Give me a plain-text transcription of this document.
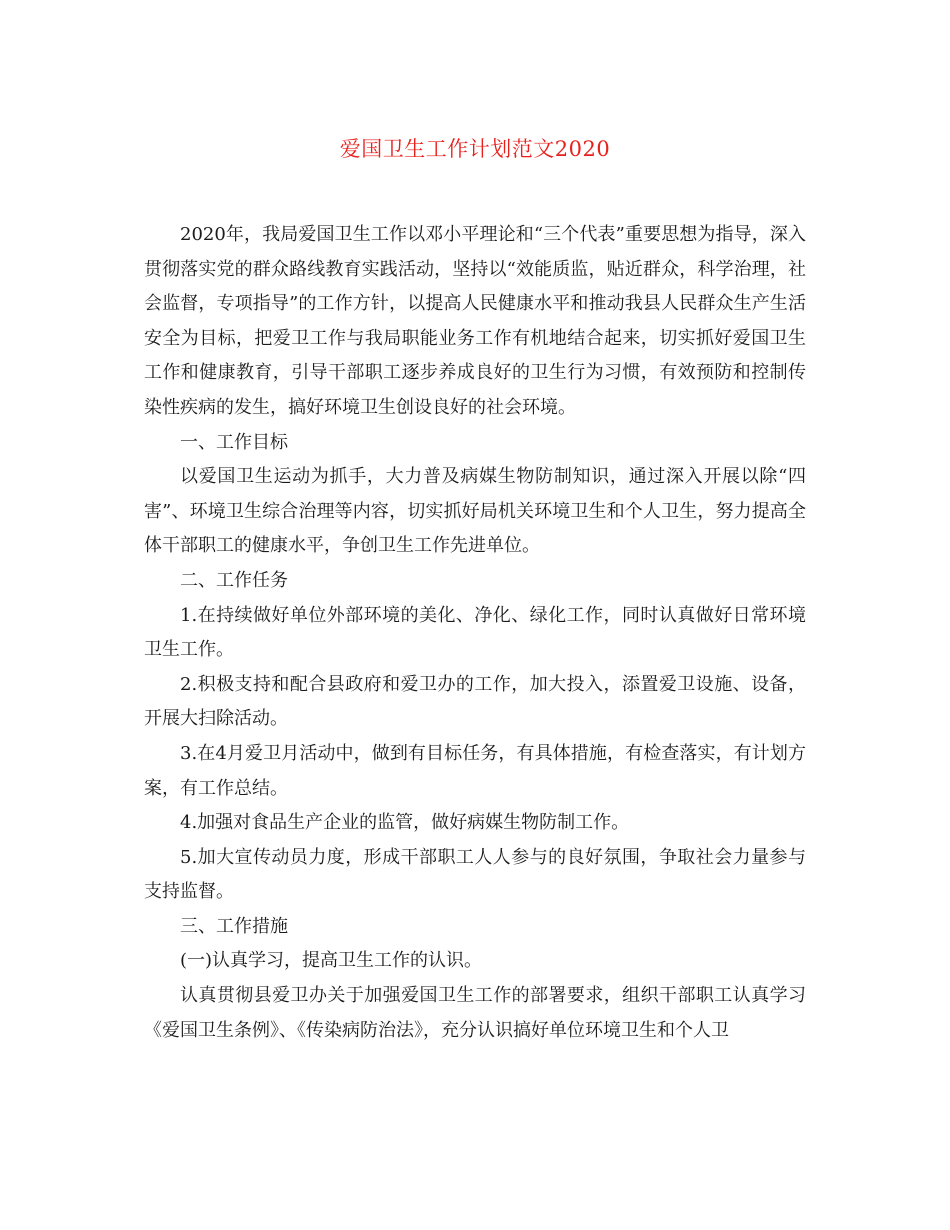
爱国卫生工作计划范文2020

2020年，我局爱国卫生工作以邓小平理论和“三个代表”重要思想为指导，深入贯彻落实党的群众路线教育实践活动，坚持以“效能质监，贴近群众，科学治理，社会监督，专项指导”的工作方针，以提高人民健康水平和推动我县人民群众生产生活安全为目标，把爱卫工作与我局职能业务工作有机地结合起来，切实抓好爱国卫生工作和健康教育，引导干部职工逐步养成良好的卫生行为习惯，有效预防和控制传染性疾病的发生，搞好环境卫生创设良好的社会环境。

一、工作目标

以爱国卫生运动为抓手，大力普及病媒生物防制知识，通过深入开展以除“四害”、环境卫生综合治理等内容，切实抓好局机关环境卫生和个人卫生，努力提高全体干部职工的健康水平，争创卫生工作先进单位。

二、工作任务

1.在持续做好单位外部环境的美化、净化、绿化工作，同时认真做好日常环境卫生工作。

2.积极支持和配合县政府和爱卫办的工作，加大投入，添置爱卫设施、设备，开展大扫除活动。

3.在4月爱卫月活动中，做到有目标任务，有具体措施，有检查落实，有计划方案，有工作总结。

4.加强对食品生产企业的监管，做好病媒生物防制工作。

5.加大宣传动员力度，形成干部职工人人参与的良好氛围，争取社会力量参与支持监督。

三、工作措施

(一)认真学习，提高卫生工作的认识。

认真贯彻县爱卫办关于加强爱国卫生工作的部署要求，组织干部职工认真学习《爱国卫生条例》、《传染病防治法》，充分认识搞好单位环境卫生和个人卫
